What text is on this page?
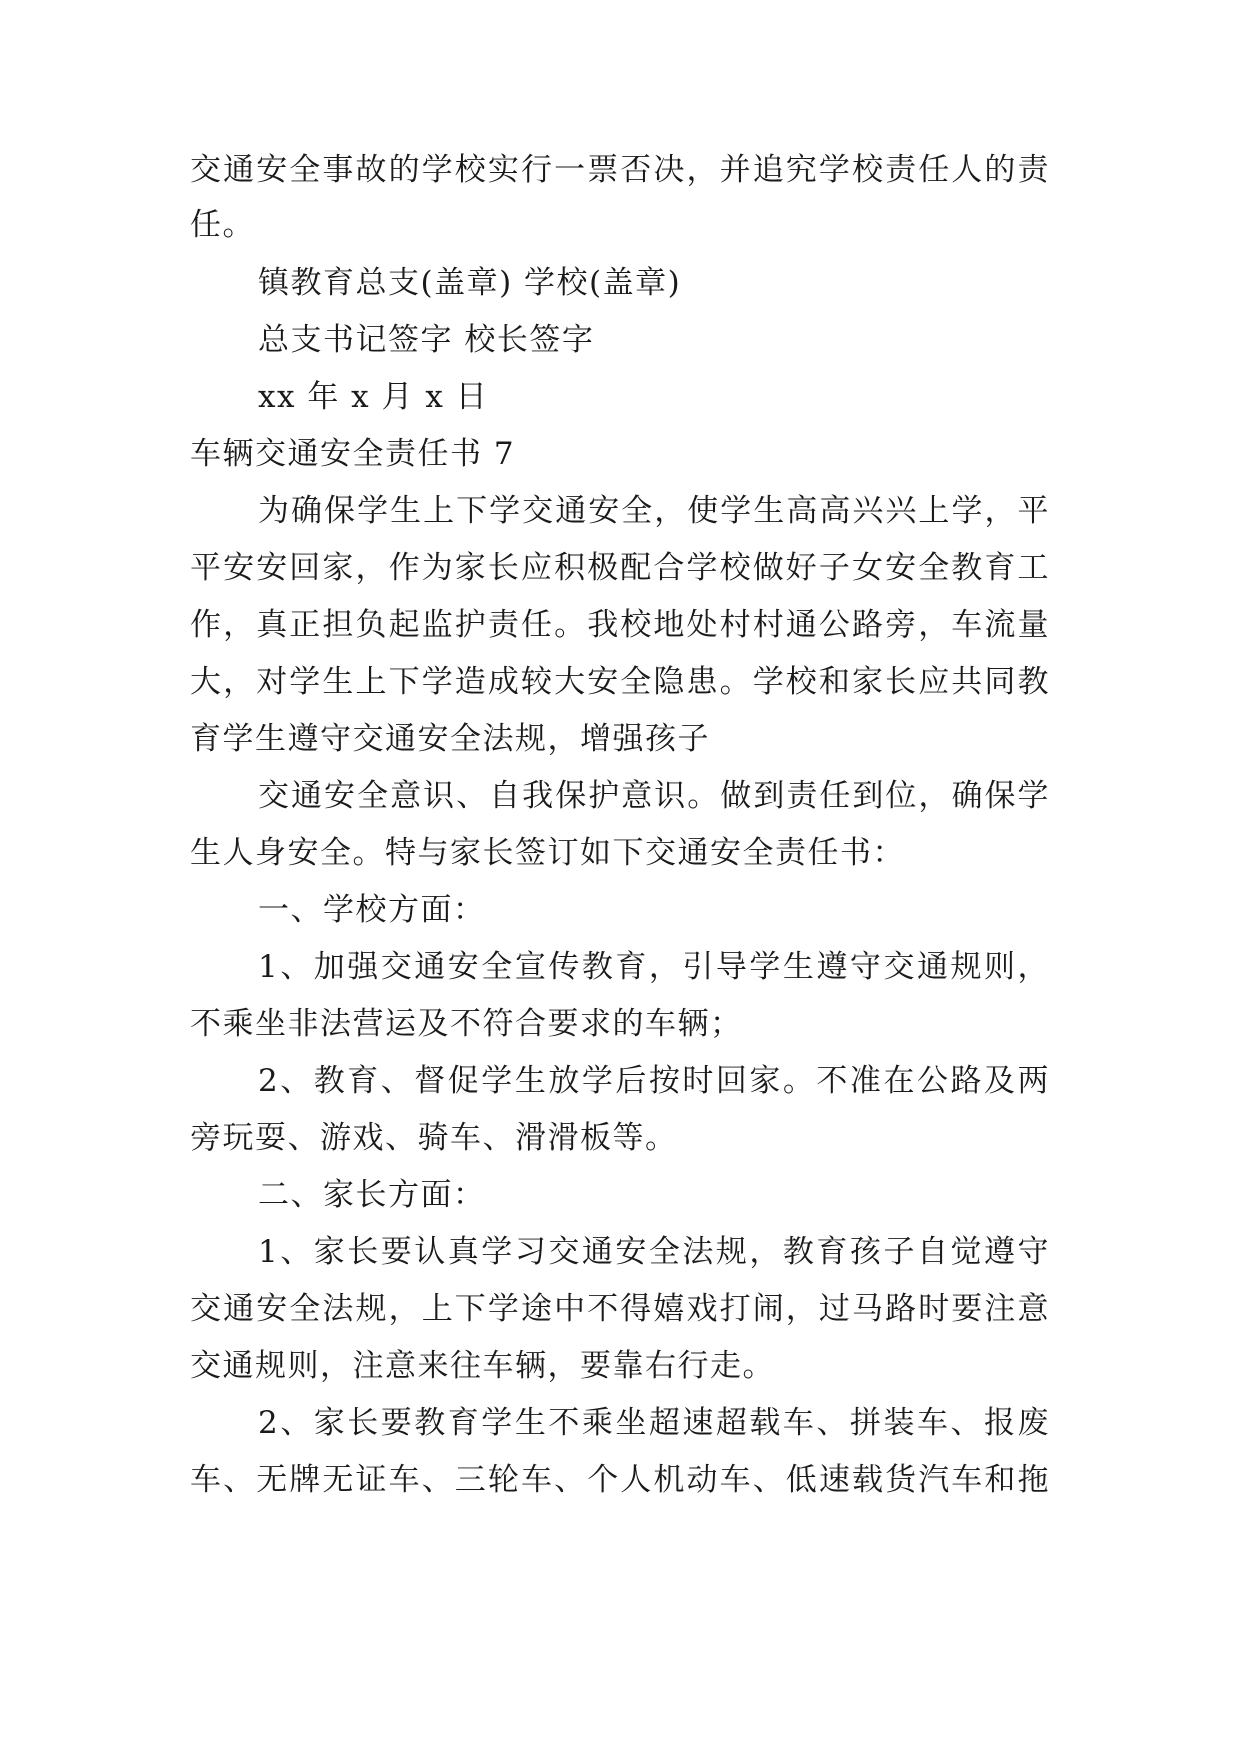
交通安全事故的学校实行一票否决，并追究学校责任人的责
任。
镇教育总支(盖章) 学校(盖章)
总支书记签字 校长签字
xx 年 x 月 x 日
车辆交通安全责任书 7
为确保学生上下学交通安全，使学生高高兴兴上学，平
平安安回家，作为家长应积极配合学校做好子女安全教育工
作，真正担负起监护责任。我校地处村村通公路旁，车流量
大，对学生上下学造成较大安全隐患。学校和家长应共同教
育学生遵守交通安全法规，增强孩子
交通安全意识、自我保护意识。做到责任到位，确保学
生人身安全。特与家长签订如下交通安全责任书：
一、学校方面：
1、加强交通安全宣传教育，引导学生遵守交通规则，
不乘坐非法营运及不符合要求的车辆；
2、教育、督促学生放学后按时回家。不准在公路及两
旁玩耍、游戏、骑车、滑滑板等。
二、家长方面：
1、家长要认真学习交通安全法规，教育孩子自觉遵守
交通安全法规，上下学途中不得嬉戏打闹，过马路时要注意
交通规则，注意来往车辆，要靠右行走。
2、家长要教育学生不乘坐超速超载车、拼装车、报废
车、无牌无证车、三轮车、个人机动车、低速载货汽车和拖
